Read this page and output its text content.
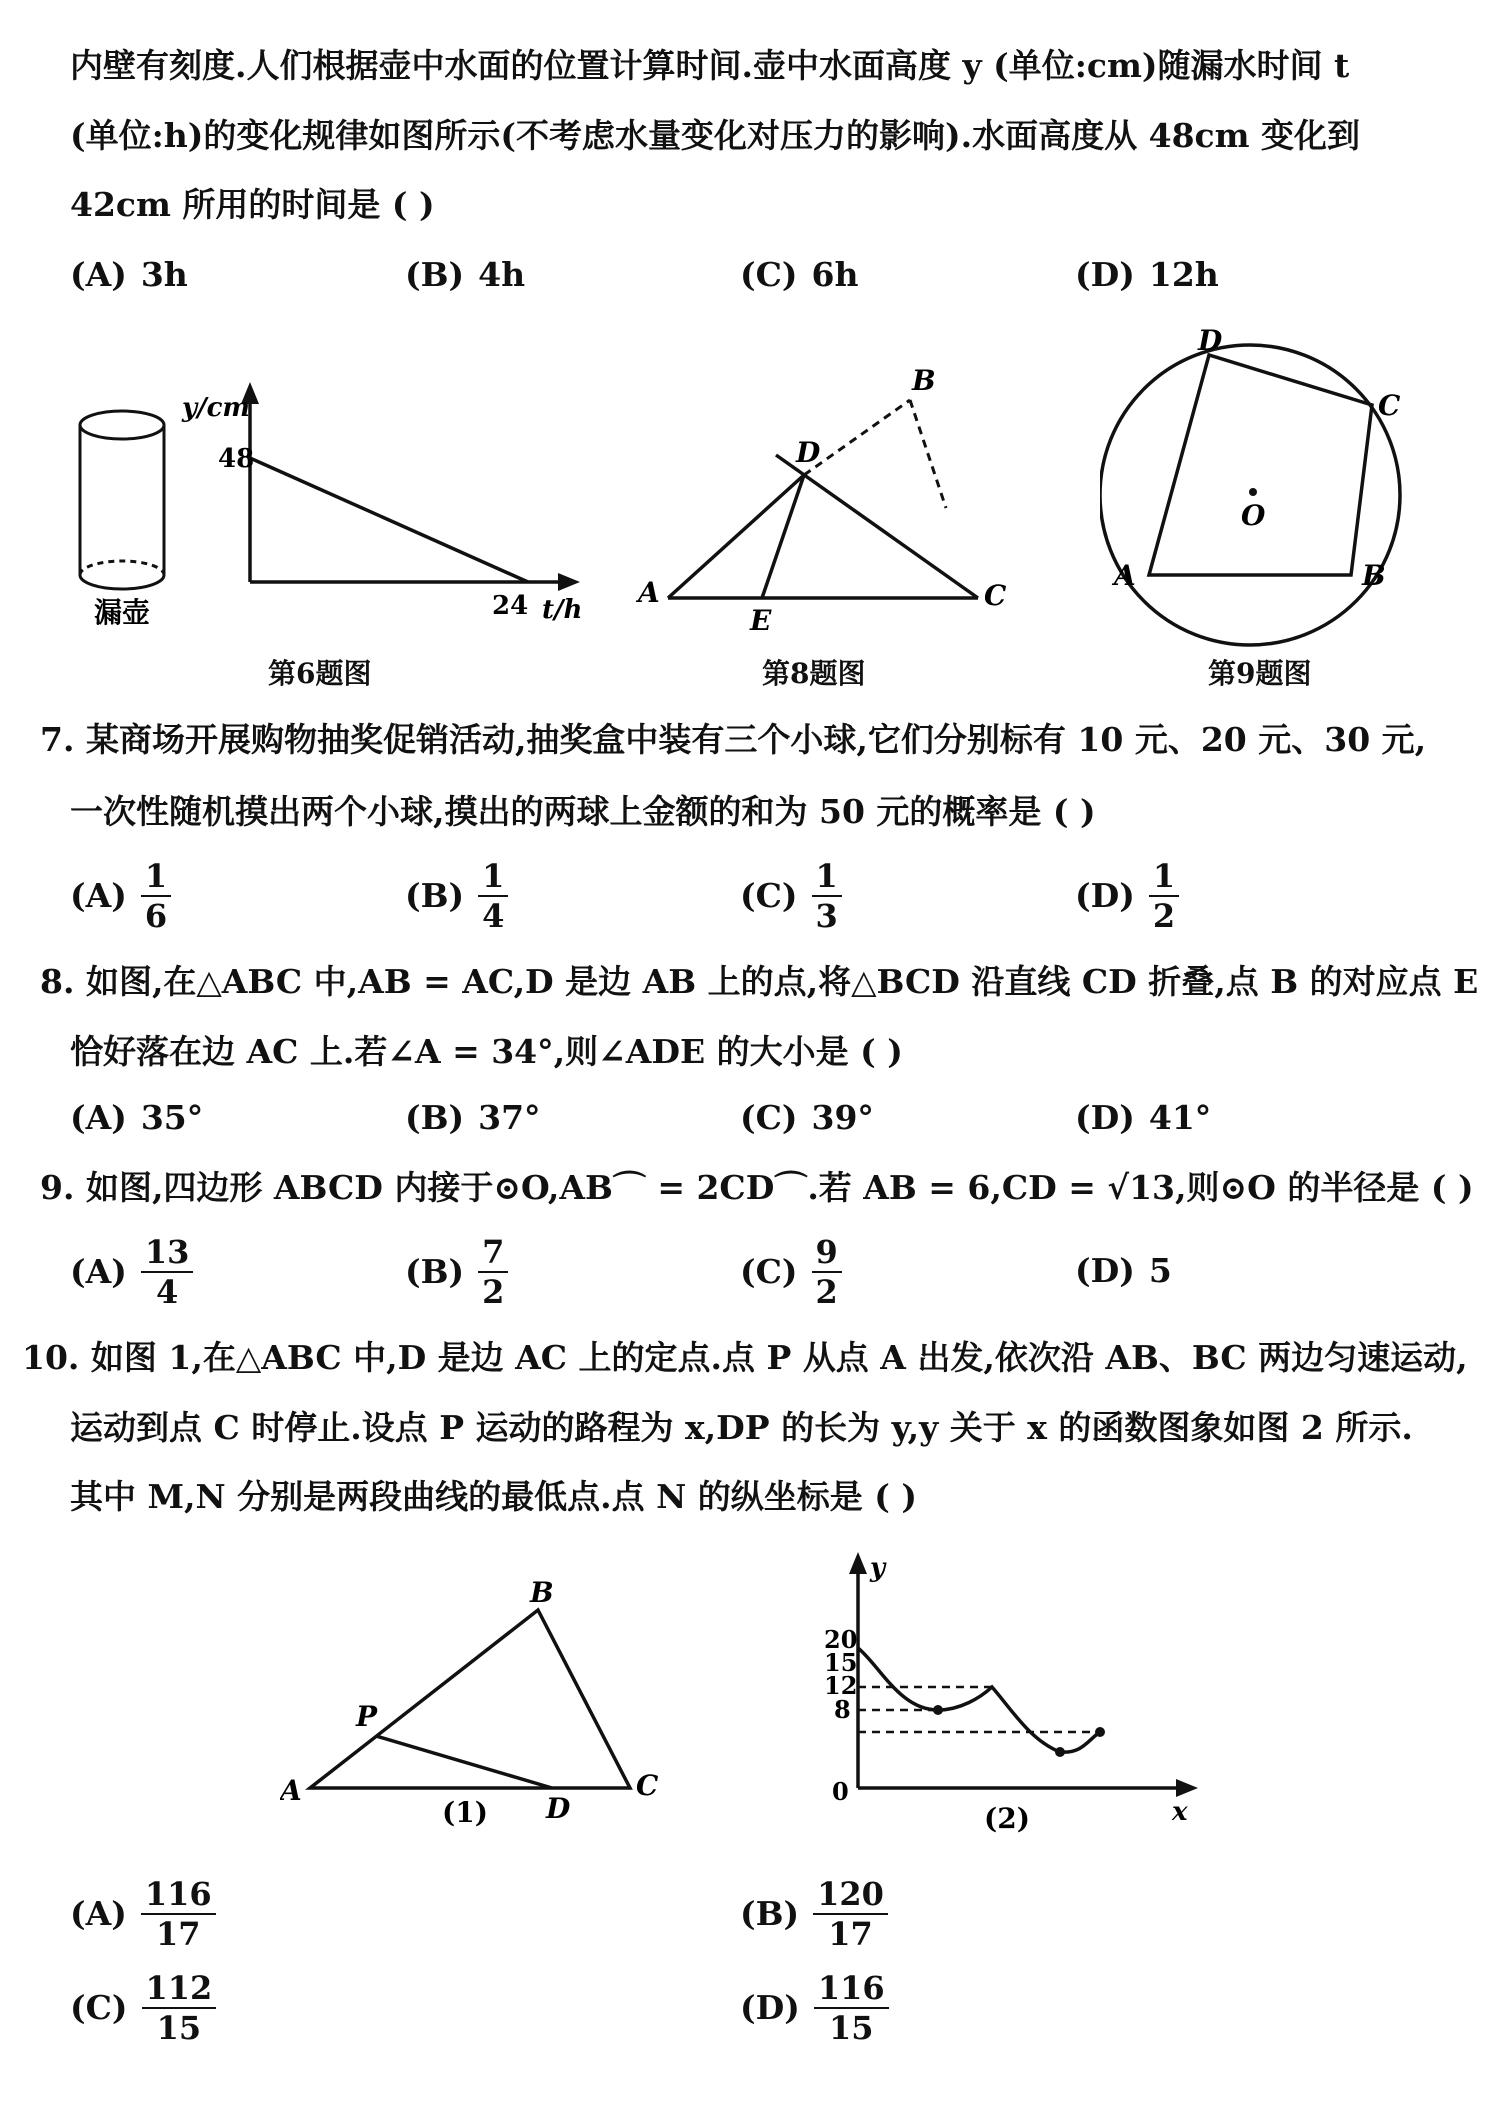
内壁有刻度.人们根据壶中水面的位置计算时间.壶中水面高度 y (单位:cm)随漏水时间 t
(单位:h)的变化规律如图所示(不考虑水量变化对压力的影响).水面高度从 48cm 变化到
42cm 所用的时间是 ( )
(A) 3h	(B) 4h	(C) 6h	(D) 12h
漏壶
y/cm
48
24 t/h
第6题图
A
B
C
D
E
第8题图
A	B
C
D
O
第9题图
7. 某商场开展购物抽奖促销活动,抽奖盒中装有三个小球,它们分别标有 10 元、20 元、30 元,
一次性随机摸出两个小球,摸出的两球上金额的和为 50 元的概率是 ( )
$(A) \frac{1}{6}$	$(B) \frac{1}{4}$	$(C) \frac{1}{3}$	$(D) \frac{1}{2}$
8. 如图,在△ABC 中,AB = AC,D 是边 AB 上的点,将△BCD 沿直线 CD 折叠,点 B 的对应点 E
恰好落在边 AC 上.若∠A = 34°,则∠ADE 的大小是 ( )
(A) 35°	(B) 37°	(C) 39°	(D) 41°
9. 如图,四边形 ABCD 内接于⊙O,AB⌒ = 2CD⌒.若 AB = 6,CD = √13,则⊙O 的半径是 ( )
$(A) \frac{13}{4}$	$(B) \frac{7}{2}$	$(C) \frac{9}{2}$	(D) 5
10. 如图 1,在△ABC 中,D 是边 AC 上的定点.点 P 从点 A 出发,依次沿 AB、BC 两边匀速运动,
运动到点 C 时停止.设点 P 运动的路程为 x,DP 的长为 y,y 关于 x 的函数图象如图 2 所示.
其中 M,N 分别是两段曲线的最低点.点 N 的纵坐标是 ( )
A
B
C
D
P
(1)
y
x
20
15
12
8
0
(2)
$(A) \frac{116}{17}$	$(B) \frac{120}{17}$
$(C) \frac{112}{15}$	$(D) \frac{116}{15}$
